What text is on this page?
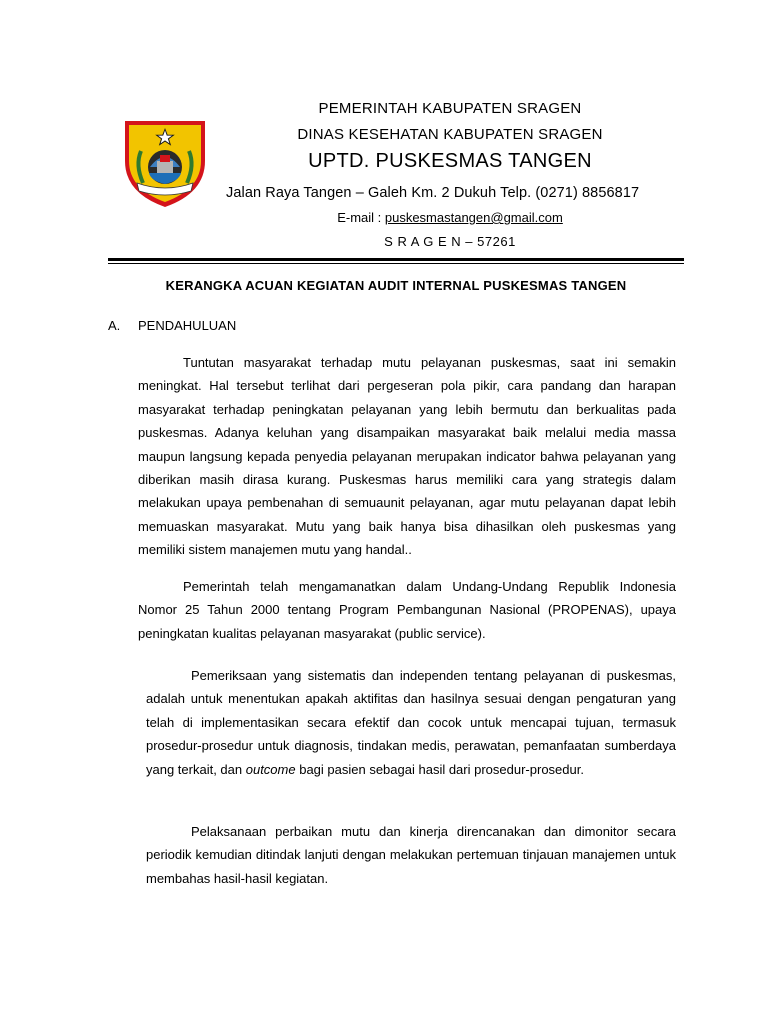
PEMERINTAH KABUPATEN SRAGEN
DINAS KESEHATAN KABUPATEN SRAGEN
UPTD. PUSKESMAS TANGEN
Jalan Raya Tangen – Galeh Km. 2 Dukuh Telp. (0271) 8856817
E-mail : puskesmastangen@gmail.com
S R A G E N – 57261
KERANGKA ACUAN KEGIATAN AUDIT INTERNAL PUSKESMAS TANGEN
A. PENDAHULUAN

Tuntutan masyarakat terhadap mutu pelayanan puskesmas, saat ini semakin meningkat. Hal tersebut terlihat dari pergeseran pola pikir, cara pandang dan harapan masyarakat terhadap peningkatan pelayanan yang lebih bermutu dan berkualitas pada puskesmas. Adanya keluhan yang disampaikan masyarakat baik melalui media massa maupun langsung kepada penyedia pelayanan merupakan indicator bahwa pelayanan yang diberikan masih dirasa kurang. Puskesmas harus memiliki cara yang strategis dalam melakukan upaya pembenahan di semuaunit pelayanan, agar mutu pelayanan dapat lebih memuaskan masyarakat. Mutu yang baik hanya bisa dihasilkan oleh puskesmas yang memiliki sistem manajemen mutu yang handal..

Pemerintah telah mengamanatkan dalam Undang-Undang Republik Indonesia Nomor 25 Tahun 2000 tentang Program Pembangunan Nasional (PROPENAS), upaya peningkatan kualitas pelayanan masyarakat (public service).

Pemeriksaan yang sistematis dan independen tentang pelayanan di puskesmas, adalah untuk menentukan apakah aktifitas dan hasilnya sesuai dengan pengaturan yang telah di implementasikan secara efektif dan cocok untuk mencapai tujuan, termasuk prosedur-prosedur untuk diagnosis, tindakan medis, perawatan, pemanfaatan sumberdaya yang terkait, dan outcome bagi pasien sebagai hasil dari prosedur-prosedur.

Pelaksanaan perbaikan mutu dan kinerja direncanakan dan dimonitor secara periodik kemudian ditindak lanjuti dengan melakukan pertemuan tinjauan manajemen untuk membahas hasil-hasil kegiatan.
